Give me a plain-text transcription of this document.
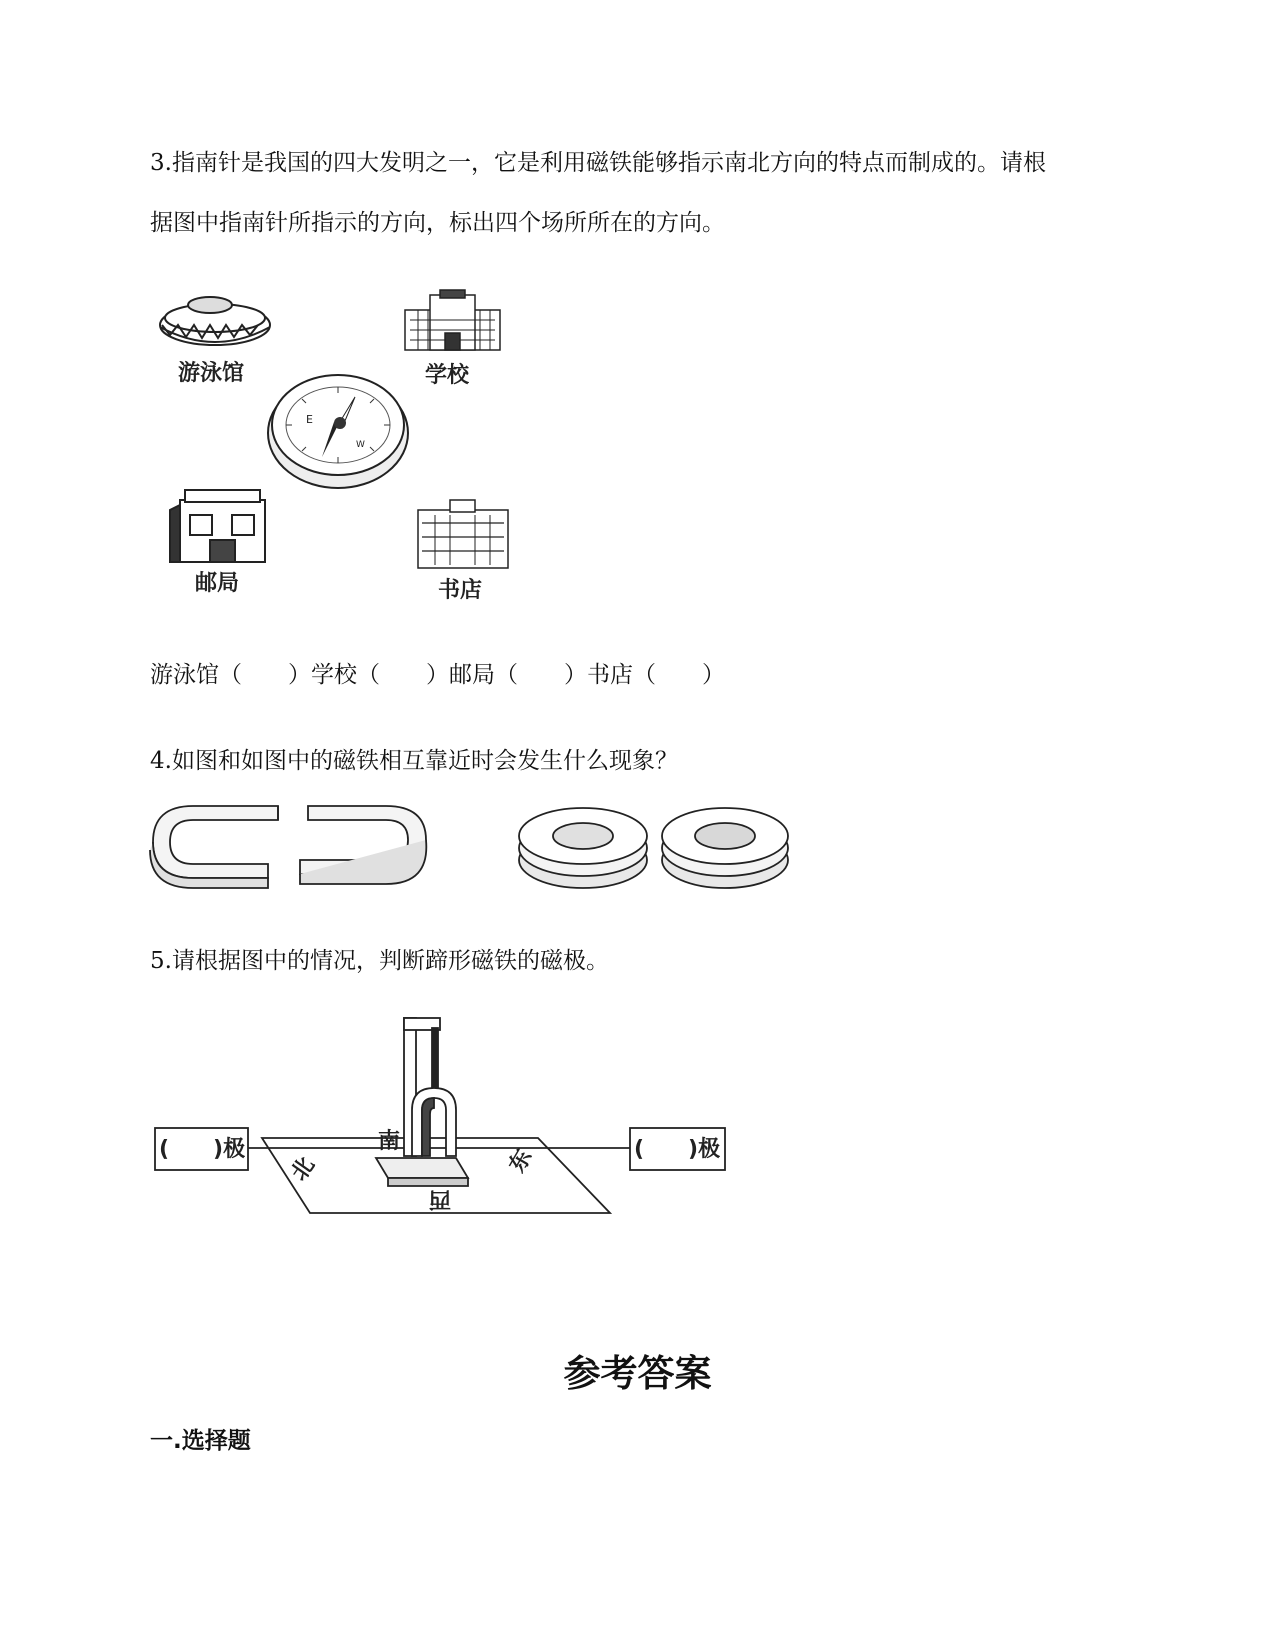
3.指南针是我国的四大发明之一，它是利用磁铁能够指示南北方向的特点而制成的。请根
据图中指南针所指示的方向，标出四个场所所在的方向。
游泳馆	学校
E
W
邮局	书店
游泳馆（　　）学校（　　）邮局（　　）书店（　　）
4.如图和如图中的磁铁相互靠近时会发生什么现象？
5.请根据图中的情况，判断蹄形磁铁的磁极。
(　　)极	(　　)极
北
南
东
西
参考答案
一.选择题
